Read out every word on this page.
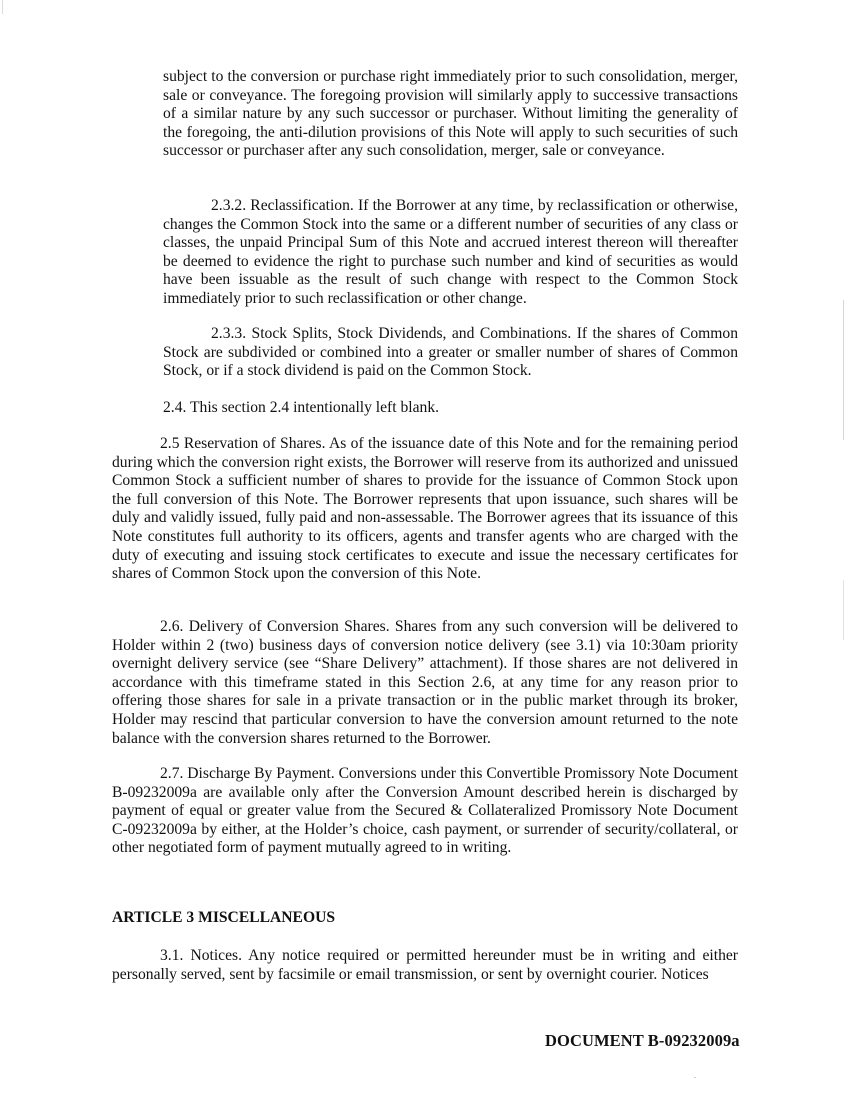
subject to the conversion or purchase right immediately prior to such consolidation, merger, sale or conveyance. The foregoing provision will similarly apply to successive transactions of a similar nature by any such successor or purchaser. Without limiting the generality of the foregoing, the anti-dilution provisions of this Note will apply to such securities of such successor or purchaser after any such consolidation, merger, sale or conveyance.

2.3.2. Reclassification. If the Borrower at any time, by reclassification or otherwise, changes the Common Stock into the same or a different number of securities of any class or classes, the unpaid Principal Sum of this Note and accrued interest thereon will thereafter be deemed to evidence the right to purchase such number and kind of securities as would have been issuable as the result of such change with respect to the Common Stock immediately prior to such reclassification or other change.

2.3.3. Stock Splits, Stock Dividends, and Combinations. If the shares of Common Stock are subdivided or combined into a greater or smaller number of shares of Common Stock, or if a stock dividend is paid on the Common Stock.

2.4. This section 2.4 intentionally left blank.

2.5 Reservation of Shares. As of the issuance date of this Note and for the remaining period during which the conversion right exists, the Borrower will reserve from its authorized and unissued Common Stock a sufficient number of shares to provide for the issuance of Common Stock upon the full conversion of this Note. The Borrower represents that upon issuance, such shares will be duly and validly issued, fully paid and non-assessable. The Borrower agrees that its issuance of this Note constitutes full authority to its officers, agents and transfer agents who are charged with the duty of executing and issuing stock certificates to execute and issue the necessary certificates for shares of Common Stock upon the conversion of this Note.

2.6. Delivery of Conversion Shares. Shares from any such conversion will be delivered to Holder within 2 (two) business days of conversion notice delivery (see 3.1) via 10:30am priority overnight delivery service (see “Share Delivery” attachment). If those shares are not delivered in accordance with this timeframe stated in this Section 2.6, at any time for any reason prior to offering those shares for sale in a private transaction or in the public market through its broker, Holder may rescind that particular conversion to have the conversion amount returned to the note balance with the conversion shares returned to the Borrower.

2.7. Discharge By Payment. Conversions under this Convertible Promissory Note Document B-09232009a are available only after the Conversion Amount described herein is discharged by payment of equal or greater value from the Secured & Collateralized Promissory Note Document C-09232009a by either, at the Holder’s choice, cash payment, or surrender of security/collateral, or other negotiated form of payment mutually agreed to in writing.

ARTICLE 3 MISCELLANEOUS

3.1. Notices. Any notice required or permitted hereunder must be in writing and either personally served, sent by facsimile or email transmission, or sent by overnight courier. Notices

DOCUMENT B-09232009a
